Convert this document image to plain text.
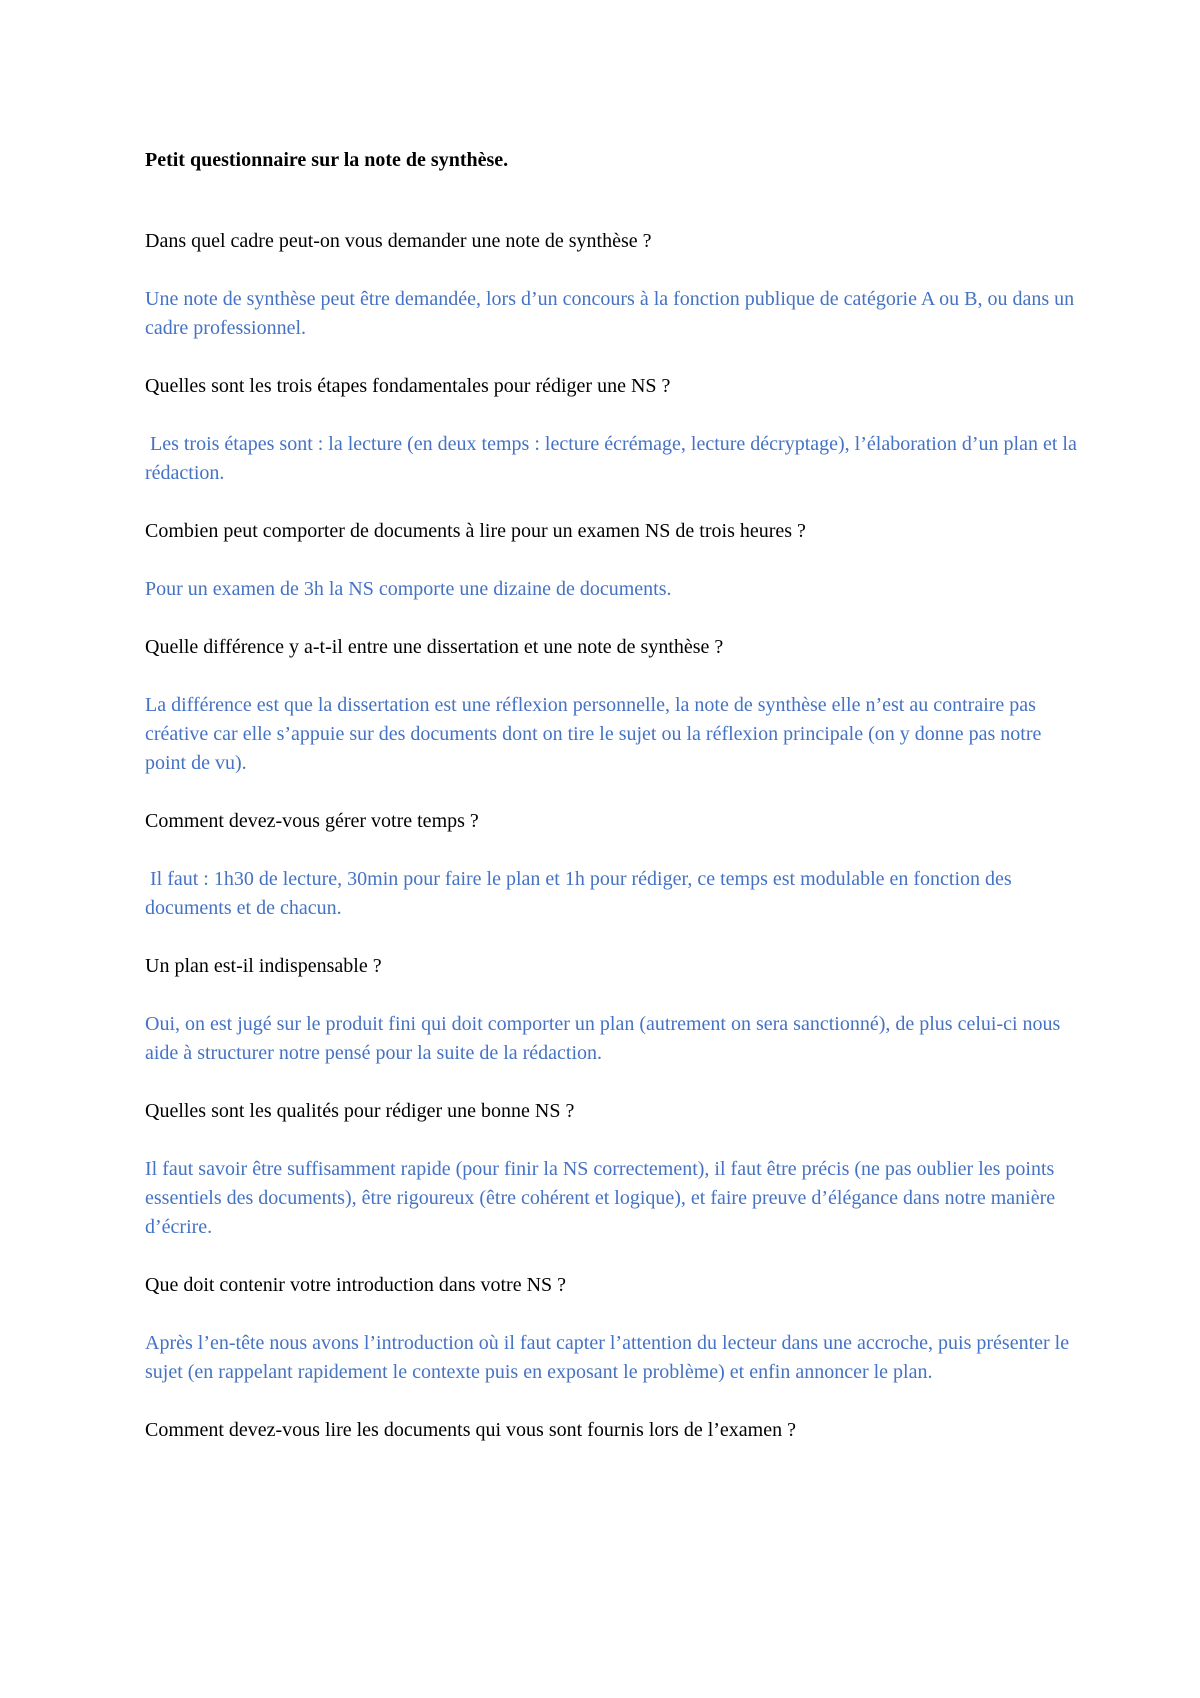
Petit questionnaire sur la note de synthèse.

Dans quel cadre peut-on vous demander une note de synthèse ?

Une note de synthèse peut être demandée, lors d’un concours à la fonction publique de catégorie A ou B, ou dans un cadre professionnel.

Quelles sont les trois étapes fondamentales pour rédiger une NS ?

Les trois étapes sont : la lecture (en deux temps : lecture écrémage, lecture décryptage), l’élaboration d’un plan et la rédaction.

Combien peut comporter de documents à lire pour un examen NS de trois heures ?

Pour un examen de 3h la NS comporte une dizaine de documents.

Quelle différence y a-t-il entre une dissertation et une note de synthèse ?

La différence est que la dissertation est une réflexion personnelle, la note de synthèse elle n’est au contraire pas créative car elle s’appuie sur des documents dont on tire le sujet ou la réflexion principale (on y donne pas notre point de vu).

Comment devez-vous gérer votre temps ?

Il faut : 1h30 de lecture, 30min pour faire le plan et 1h pour rédiger, ce temps est modulable en fonction des documents et de chacun.

Un plan est-il indispensable ?

Oui, on est jugé sur le produit fini qui doit comporter un plan (autrement on sera sanctionné), de plus celui-ci nous aide à structurer notre pensé pour la suite de la rédaction.

Quelles sont les qualités pour rédiger une bonne NS ?

Il faut savoir être suffisamment rapide (pour finir la NS correctement), il faut être précis (ne pas oublier les points essentiels des documents), être rigoureux (être cohérent et logique), et faire preuve d’élégance dans notre manière d’écrire.

Que doit contenir votre introduction dans votre NS ?

Après l’en-tête nous avons l’introduction où il faut capter l’attention du lecteur dans une accroche, puis présenter le sujet (en rappelant rapidement le contexte puis en exposant le problème) et enfin annoncer le plan.

Comment devez-vous lire les documents qui vous sont fournis lors de l’examen ?
